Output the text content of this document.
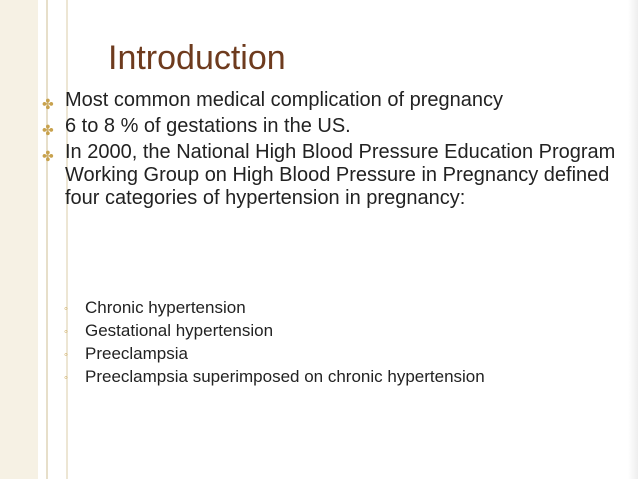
Introduction
✤ Most common medical complication of pregnancy
✤ 6 to 8 % of gestations in the US.
✤ In 2000, the National High Blood Pressure Education Program Working Group on High Blood Pressure in Pregnancy defined four categories of hypertension in pregnancy:
◦ Chronic hypertension
◦ Gestational hypertension
◦ Preeclampsia
◦ Preeclampsia superimposed on chronic hypertension
